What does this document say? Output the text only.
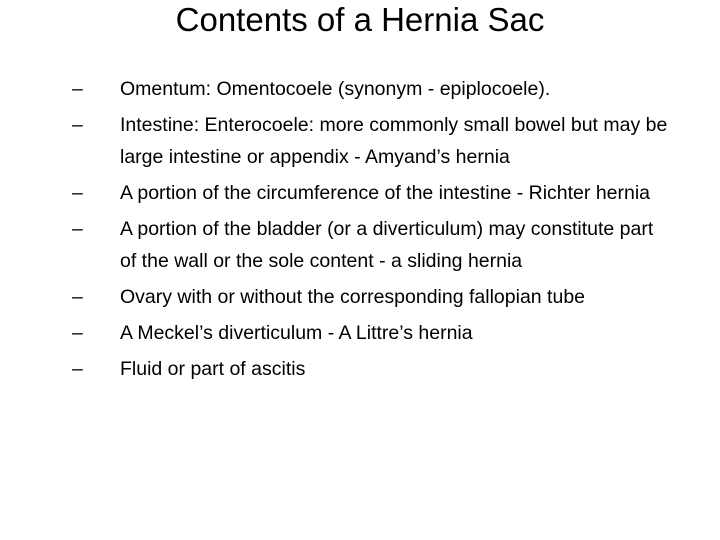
Contents of a Hernia Sac
–	Omentum: Omentocoele (synonym - epiplocoele).
–	Intestine: Enterocoele: more commonly small bowel but may be large intestine or appendix - Amyand’s hernia
–	A portion of the circumference of the intestine - Richter hernia
–	A portion of the bladder (or a diverticulum) may constitute part of the wall or the sole content - a sliding hernia
–	Ovary with or without the corresponding fallopian tube
–	A Meckel’s diverticulum - A Littre’s hernia
–	Fluid or part of ascitis
